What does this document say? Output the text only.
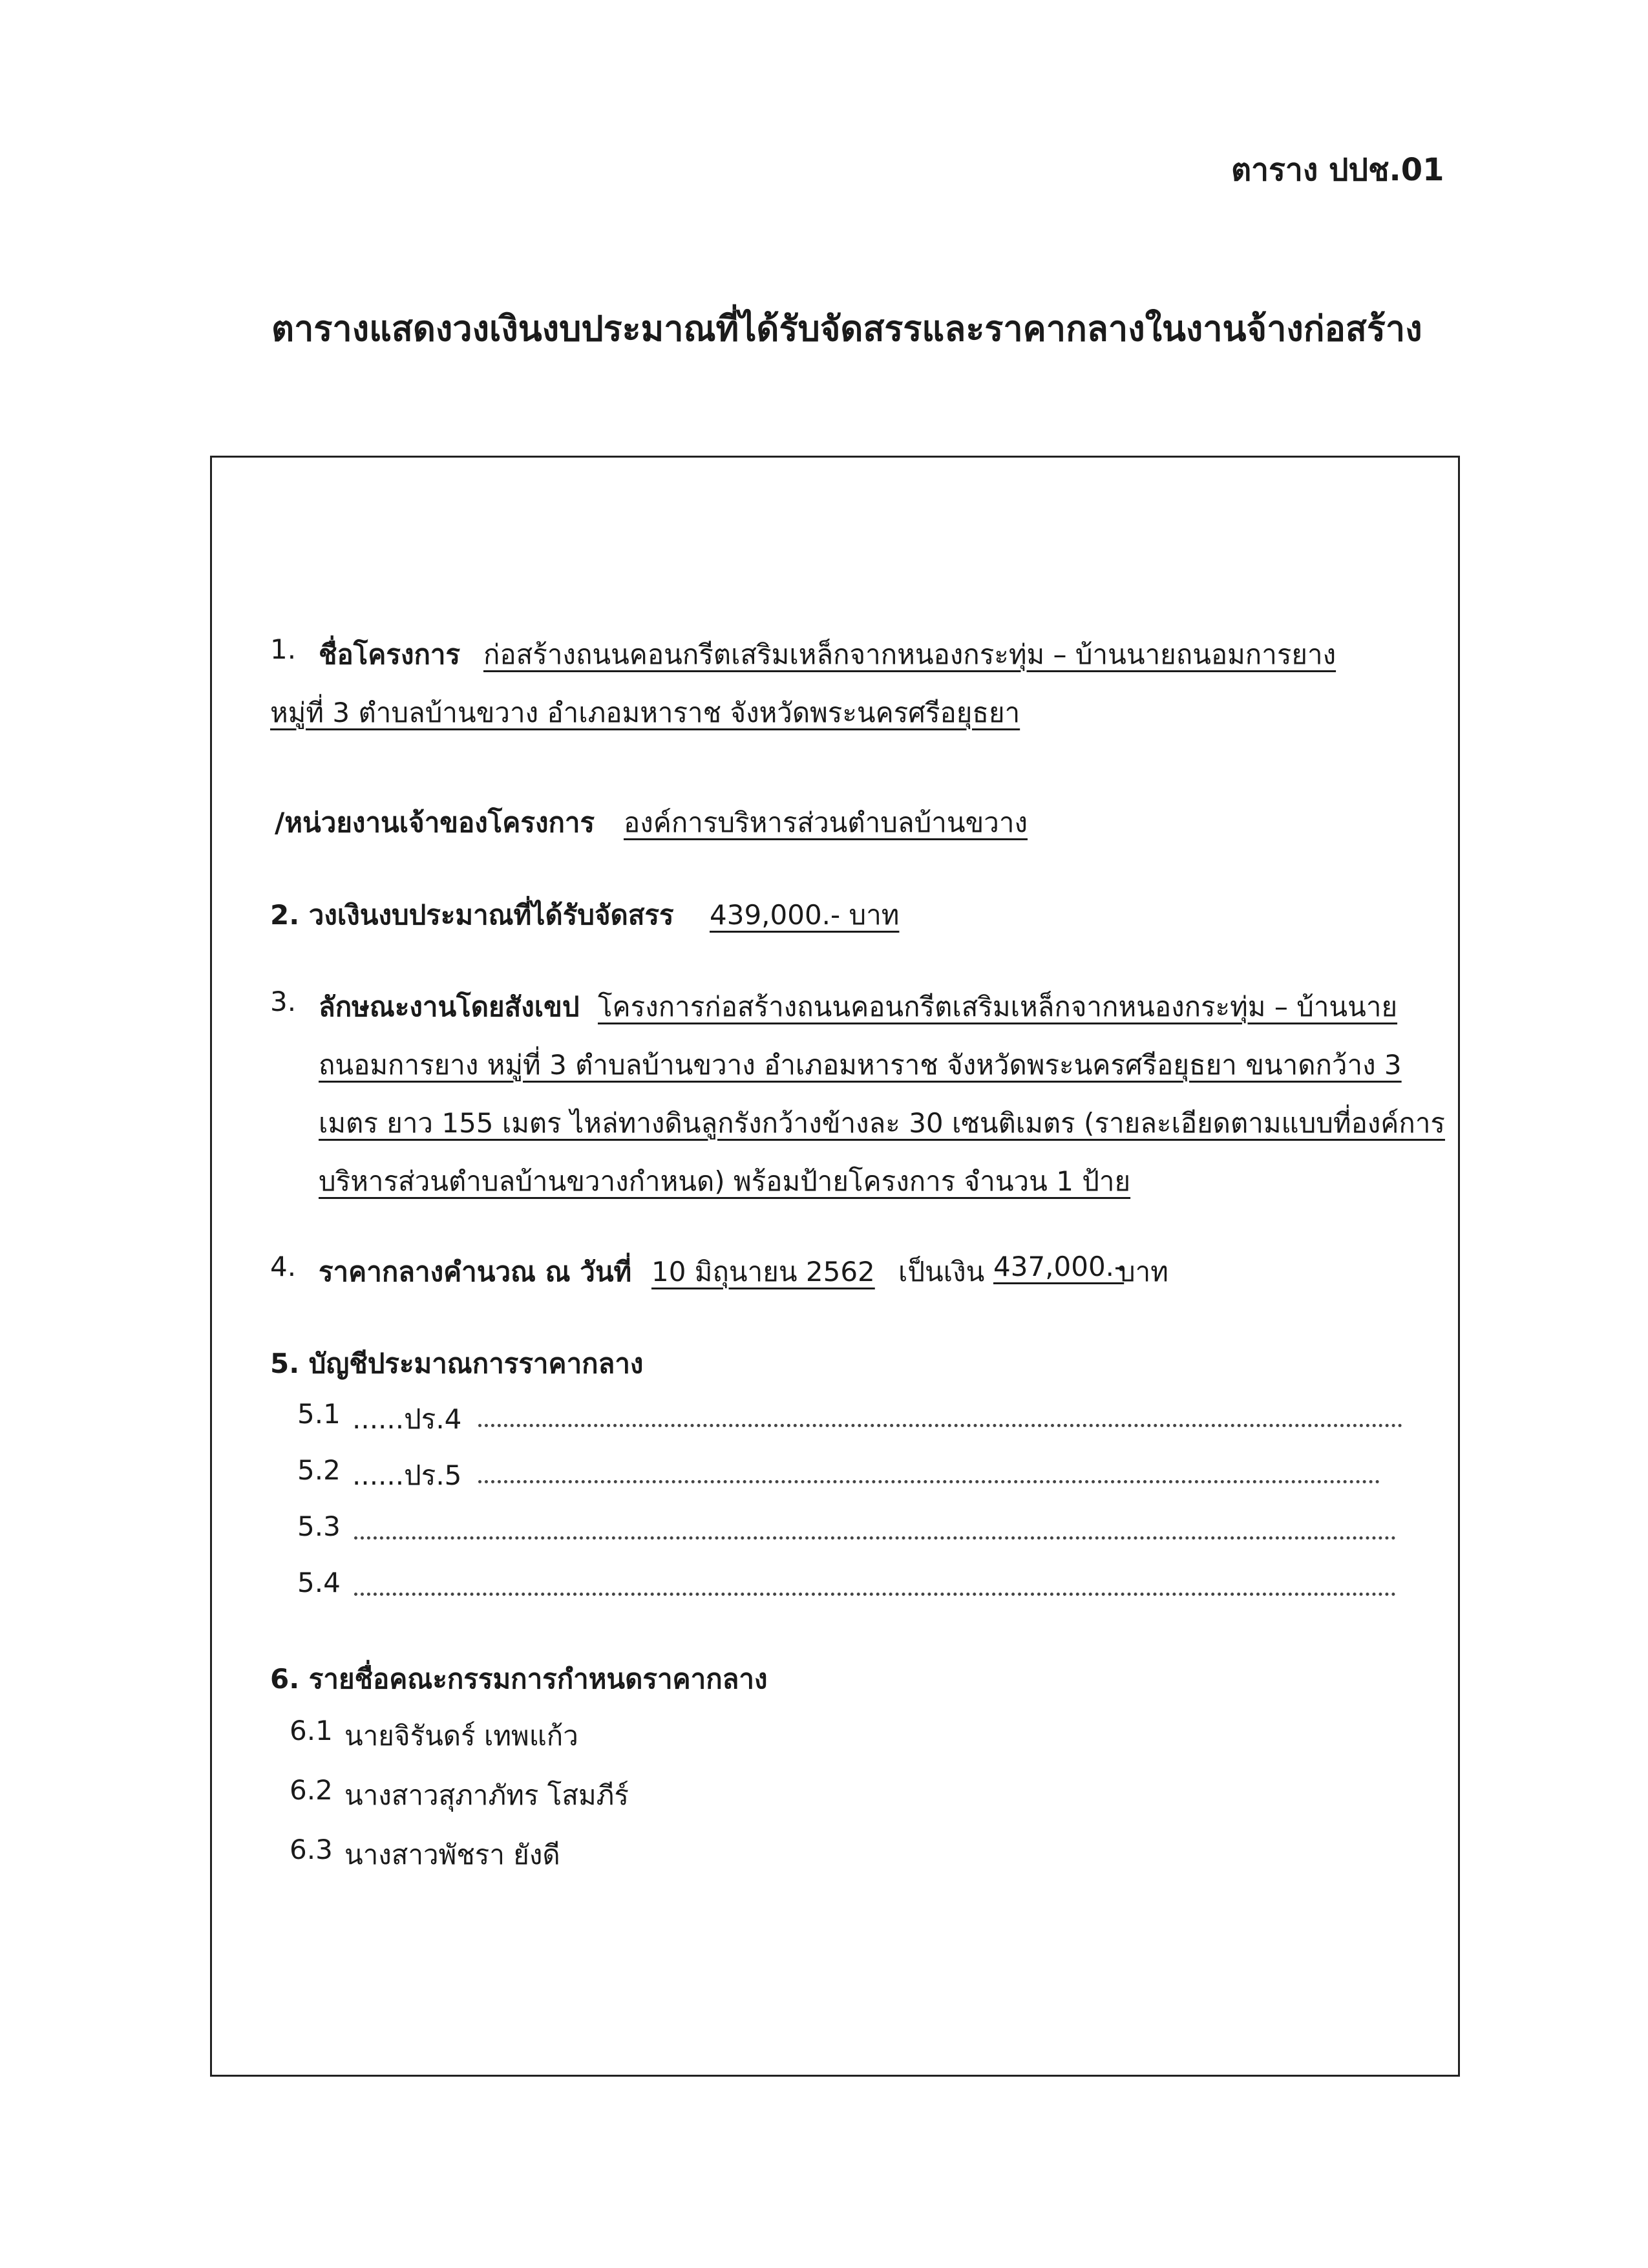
ตาราง ปปช.01
ตารางแสดงวงเงินงบประมาณที่ได้รับจัดสรรและราคากลางในงานจ้างก่อสร้าง
1. ชื่อโครงการ ก่อสร้างถนนคอนกรีตเสริมเหล็กจากหนองกระทุ่ม – บ้านนายถนอมการยาง
หมู่ที่ 3 ตำบลบ้านขวาง อำเภอมหาราช จังหวัดพระนครศรีอยุธยา
/หน่วยงานเจ้าของโครงการ องค์การบริหารส่วนตำบลบ้านขวาง
2. วงเงินงบประมาณที่ได้รับจัดสรร 439,000.- บาท
3. ลักษณะงานโดยสังเขป โครงการก่อสร้างถนนคอนกรีตเสริมเหล็กจากหนองกระทุ่ม – บ้านนาย
ถนอมการยาง หมู่ที่ 3 ตำบลบ้านขวาง อำเภอมหาราช จังหวัดพระนครศรีอยุธยา ขนาดกว้าง 3
เมตร ยาว 155 เมตร ไหล่ทางดินลูกรังกว้างข้างละ 30 เซนติเมตร (รายละเอียดตามแบบที่องค์การ
บริหารส่วนตำบลบ้านขวางกำหนด) พร้อมป้ายโครงการ จำนวน 1 ป้าย
4. ราคากลางคำนวณ ณ วันที่ 10 มิถุนายน 2562 เป็นเงิน 437,000.-
บาท
5. บัญชีประมาณการราคากลาง
5.1 ......ปร.4
5.2 ......ปร.5
5.3
5.4
6. รายชื่อคณะกรรมการกำหนดราคากลาง
6.1 นายจิรันดร์ เทพแก้ว
6.2 นางสาวสุภาภัทร โสมภีร์
6.3 นางสาวพัชรา ยังดี
